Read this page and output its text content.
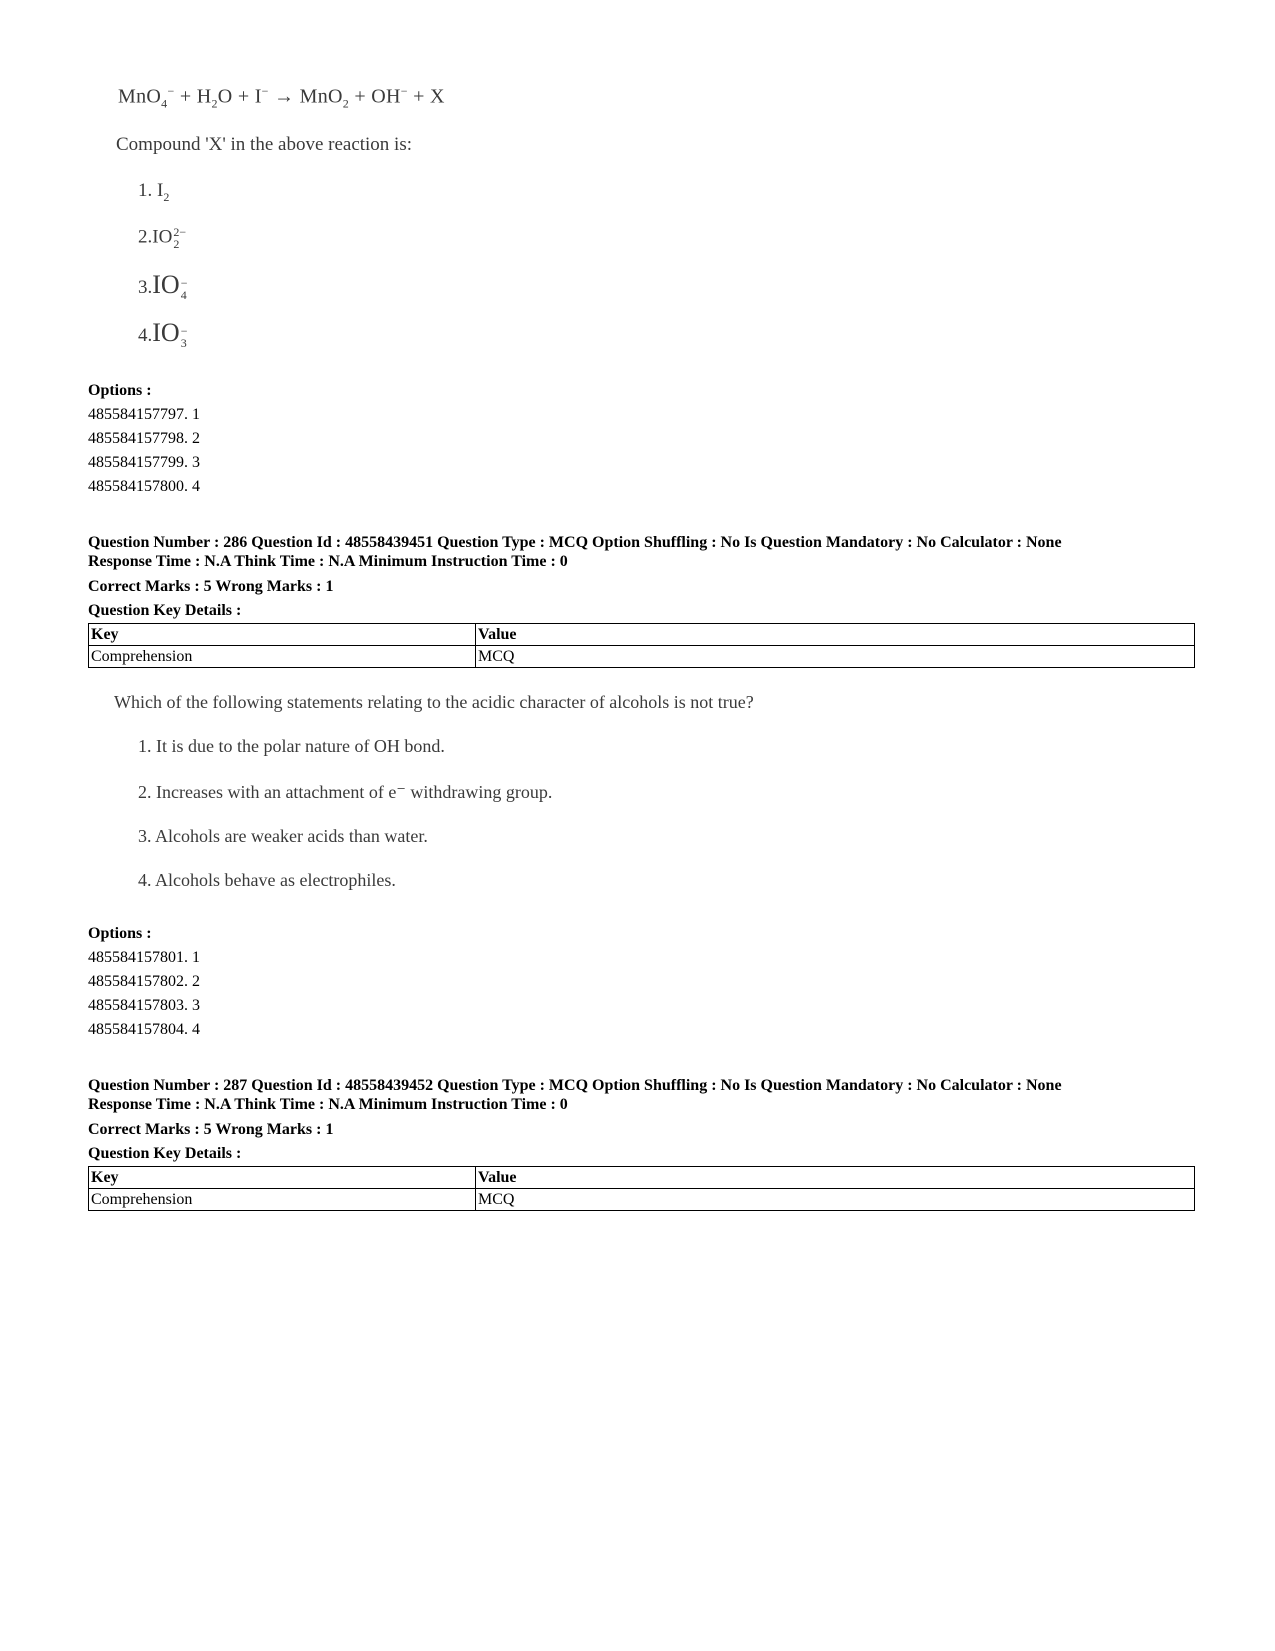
$MnO_4^- + H_2O + I^- \to MnO_2 + OH^- + X$
Compound 'X' in the above reaction is:
1. $I_2$
2.IO 2−
2
3.IO −
4
4.IO −
3
Options :
485584157797. 1
485584157798. 2
485584157799. 3
485584157800. 4
Question Number : 286 Question Id : 48558439451 Question Type : MCQ Option Shuffling : No Is Question Mandatory : No Calculator : None
Response Time : N.A Think Time : N.A Minimum Instruction Time : 0
Correct Marks : 5 Wrong Marks : 1
Question Key Details :
Key	Value
Comprehension	MCQ
Which of the following statements relating to the acidic character of alcohols is not true?
1. It is due to the polar nature of OH bond.
2. Increases with an attachment of e⁻ withdrawing group.
3. Alcohols are weaker acids than water.
4. Alcohols behave as electrophiles.
Options :
485584157801. 1
485584157802. 2
485584157803. 3
485584157804. 4
Question Number : 287 Question Id : 48558439452 Question Type : MCQ Option Shuffling : No Is Question Mandatory : No Calculator : None
Response Time : N.A Think Time : N.A Minimum Instruction Time : 0
Correct Marks : 5 Wrong Marks : 1
Question Key Details :
Key	Value
Comprehension	MCQ
